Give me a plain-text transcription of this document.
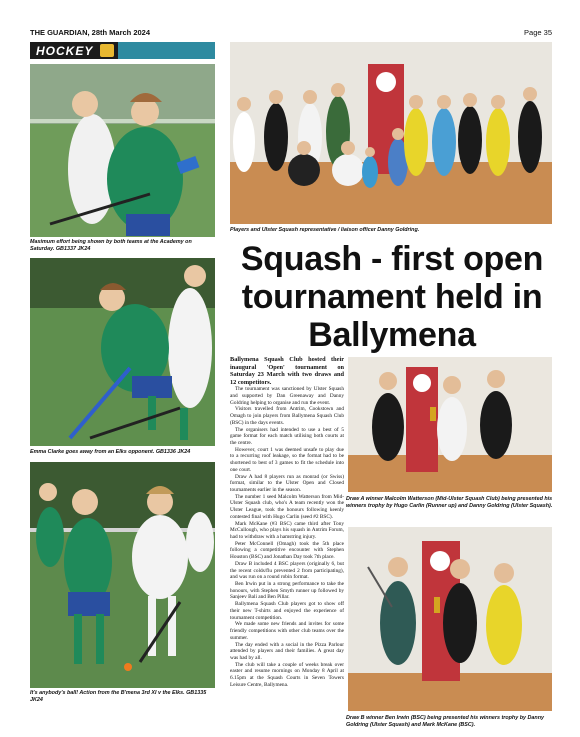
THE GUARDIAN, 28th March 2024	Page 35
HOCKEY
Maximum effort being shown by both teams at the Academy on Saturday. GB1337 JK24
Emma Clarke goes away from an Elks opponent. GB1336 JK24
It's anybody's ball! Action from the B'mena 3rd XI v the Elks. GB1335 JK24
Players and Ulster Squash representative / liaison officer Danny Goldring.
Squash - first open tournament held in Ballymena

Ballymena Squash Club hosted their inaugural 'Open' tournament on Saturday 23 March with two draws and 12 competitors.

The tournament was sanctioned by Ulster Squash and supported by Dan Greenaway and Danny Goldring helping to organise and run the event.

Visitors travelled from Antrim, Cookstown and Omagh to join players from Ballymena Squash Club (BSC) in the days events.

The organisers had intended to use a best of 5 game format for each match utilising both courts at the centre.

However, court 1 was deemed unsafe to play due to a recurring roof leakage, so the format had to be shortened to best of 3 games to fit the schedule into one court.

Draw A had 8 players run as monrad (or Swiss) format, similar to the Ulster Open and Closed tournaments earlier in the season.

The number 1 seed Malcolm Watterson from Mid-Ulster Squash club, who's A team recently won the Ulster League, took the honours following keenly contested final with Hugo Carlin (seed #2 BSC).

Mark McKane (#3 BSC) came third after Tony McCullough, who plays his squash in Antrim Forum, had to withdraw with a hamstring injury.

Peter McConnell (Omagh) took the 5th place following a competitive encounter with Stephen Houston (BSC) and Jonathan Day took 7th place.

Draw B included 4 BSC players (originally 6, but the recent colds/flu prevented 2 from participating), and was run on a round robin format.

Ben Irwin put in a strong performance to take the honours, with Stephen Smyth runner up followed by Sanjeev Bali and Ben Pillar.

Ballymena Squash Club players got to show off their new T-shirts and enjoyed the experience of tournament competition.

We made some new friends and invites for some friendly competitions with other club teams over the summer.

The day ended with a social in the Pizza Parlour attended by players and their families. A great day was had by all.

The club will take a couple of weeks break over easter and resume mornings on Monday 8 April at 6.15pm at the Squash Courts in Seven Towers Leisure Centre, Ballymena.

Draw A winner Malcolm Watterson (Mid-Ulster Squash Club) being presented his winners trophy by Hugo Carlin (Runner up) and Danny Goldring (Ulster Squash).
Draw B winner Ben Irwin (BSC) being presented his winners trophy by Danny Goldring (Ulster Squash) and Mark McKane (BSC).
